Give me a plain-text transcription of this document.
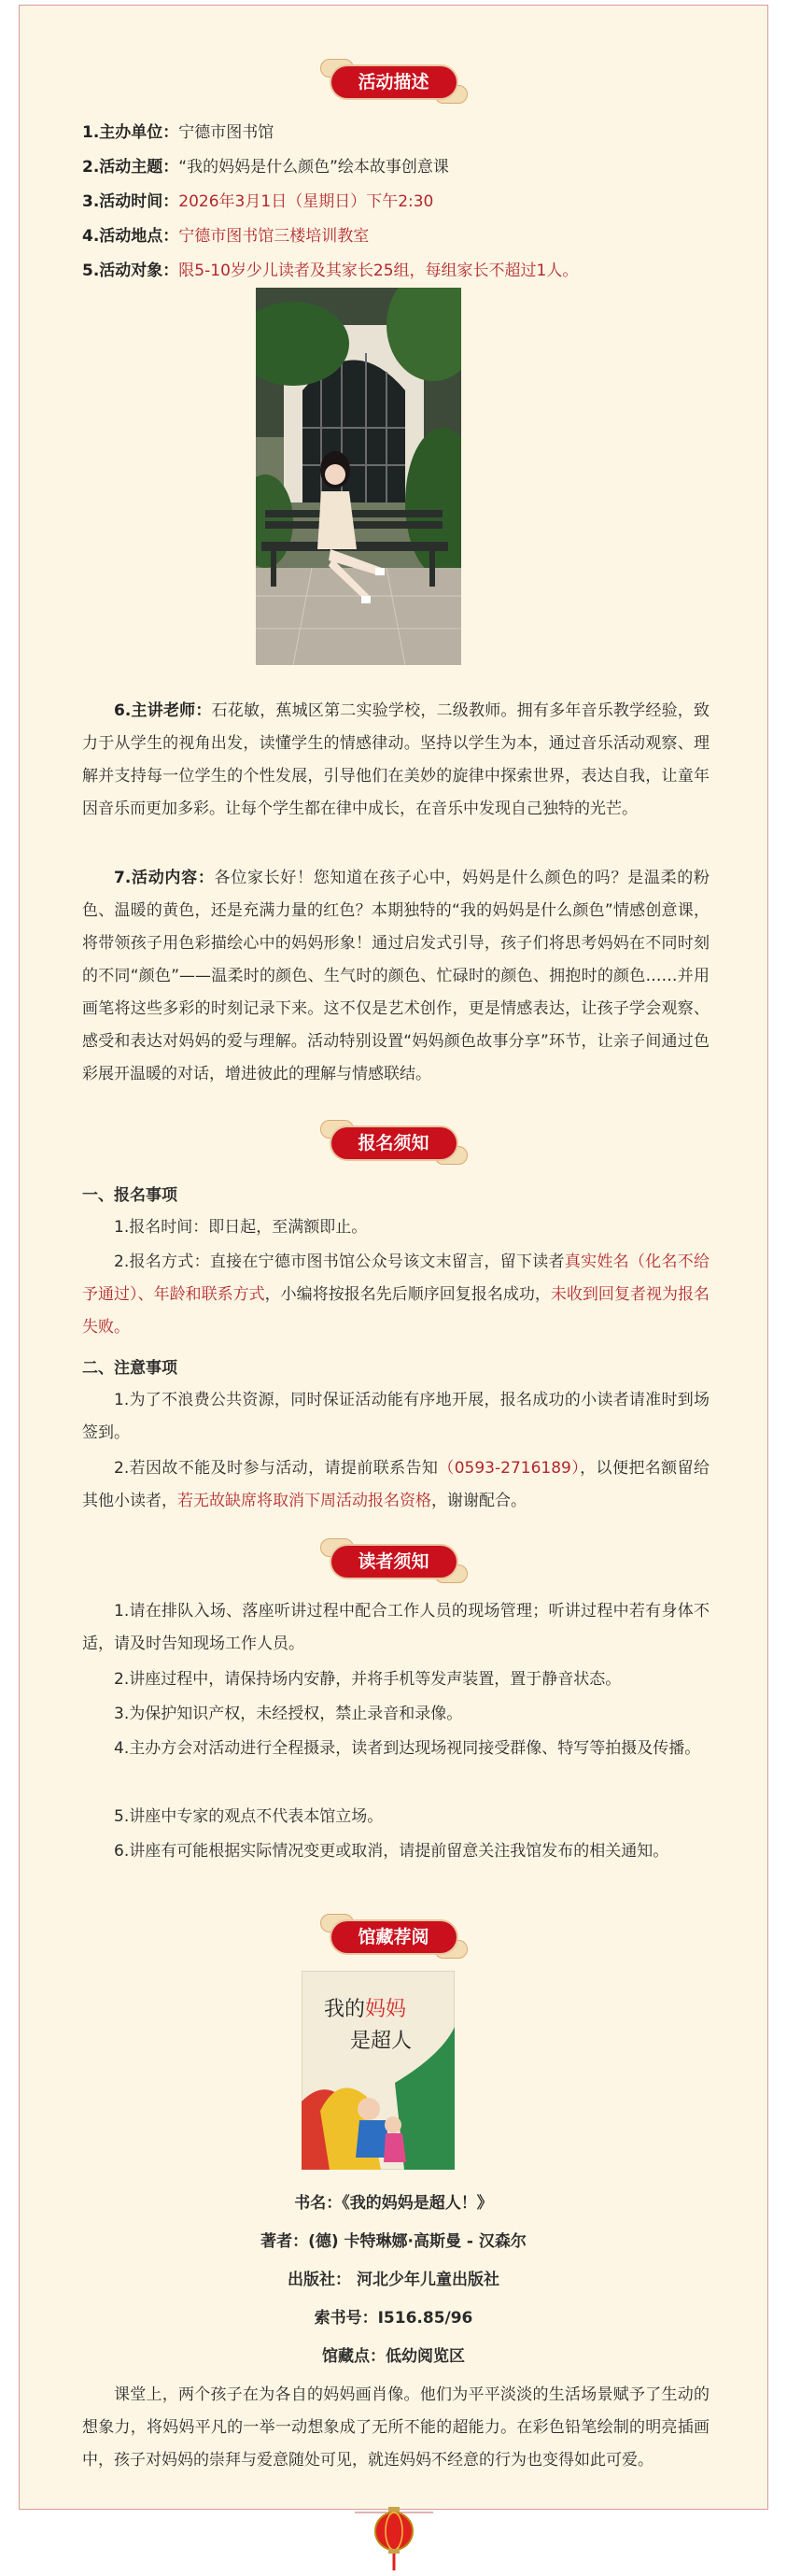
活动描述
1.主办单位：宁德市图书馆
2.活动主题：“我的妈妈是什么颜色”绘本故事创意课
3.活动时间：2026年3月1日（星期日）下午2:30
4.活动地点：宁德市图书馆三楼培训教室
5.活动对象：限5-10岁少儿读者及其家长25组，每组家长不超过1人。

6.主讲老师：石花敏，蕉城区第二实验学校，二级教师。拥有多年音乐教学经验，致力于从学生的视角出发，读懂学生的情感律动。坚持以学生为本，通过音乐活动观察、理解并支持每一位学生的个性发展，引导他们在美妙的旋律中探索世界，表达自我，让童年因音乐而更加多彩。让每个学生都在律中成长，在音乐中发现自己独特的光芒。

7.活动内容：各位家长好！您知道在孩子心中，妈妈是什么颜色的吗？是温柔的粉色、温暖的黄色，还是充满力量的红色？本期独特的“我的妈妈是什么颜色”情感创意课，将带领孩子用色彩描绘心中的妈妈形象！通过启发式引导，孩子们将思考妈妈在不同时刻的不同“颜色”——温柔时的颜色、生气时的颜色、忙碌时的颜色、拥抱时的颜色……并用画笔将这些多彩的时刻记录下来。这不仅是艺术创作，更是情感表达，让孩子学会观察、感受和表达对妈妈的爱与理解。活动特别设置“妈妈颜色故事分享”环节，让亲子间通过色彩展开温暖的对话，增进彼此的理解与情感联结。

报名须知
一、报名事项

1.报名时间：即日起，至满额即止。

2.报名方式：直接在宁德市图书馆公众号该文末留言，留下读者真实姓名（化名不给予通过）、年龄和联系方式，小编将按报名先后顺序回复报名成功，未收到回复者视为报名失败。

二、注意事项

1.为了不浪费公共资源，同时保证活动能有序地开展，报名成功的小读者请准时到场签到。

2.若因故不能及时参与活动，请提前联系告知（0593-2716189），以便把名额留给其他小读者，若无故缺席将取消下周活动报名资格，谢谢配合。

读者须知

1.请在排队入场、落座听讲过程中配合工作人员的现场管理；听讲过程中若有身体不适，请及时告知现场工作人员。

2.讲座过程中，请保持场内安静，并将手机等发声装置，置于静音状态。

3.为保护知识产权，未经授权，禁止录音和录像。

4.主办方会对活动进行全程摄录，读者到达现场视同接受群像、特写等拍摄及传播。

5.讲座中专家的观点不代表本馆立场。

6.讲座有可能根据实际情况变更或取消，请提前留意关注我馆发布的相关通知。

馆藏荐阅
我的 妈妈
是超人
书名：《我的妈妈是超人！》
著者：(德) 卡特琳娜·高斯曼 - 汉森尔
出版社： 河北少年儿童出版社
索书号：I516.85/96
馆藏点：低幼阅览区

课堂上，两个孩子在为各自的妈妈画肖像。他们为平平淡淡的生活场景赋予了生动的想象力，将妈妈平凡的一举一动想象成了无所不能的超能力。在彩色铅笔绘制的明亮插画中，孩子对妈妈的崇拜与爱意随处可见，就连妈妈不经意的行为也变得如此可爱。
